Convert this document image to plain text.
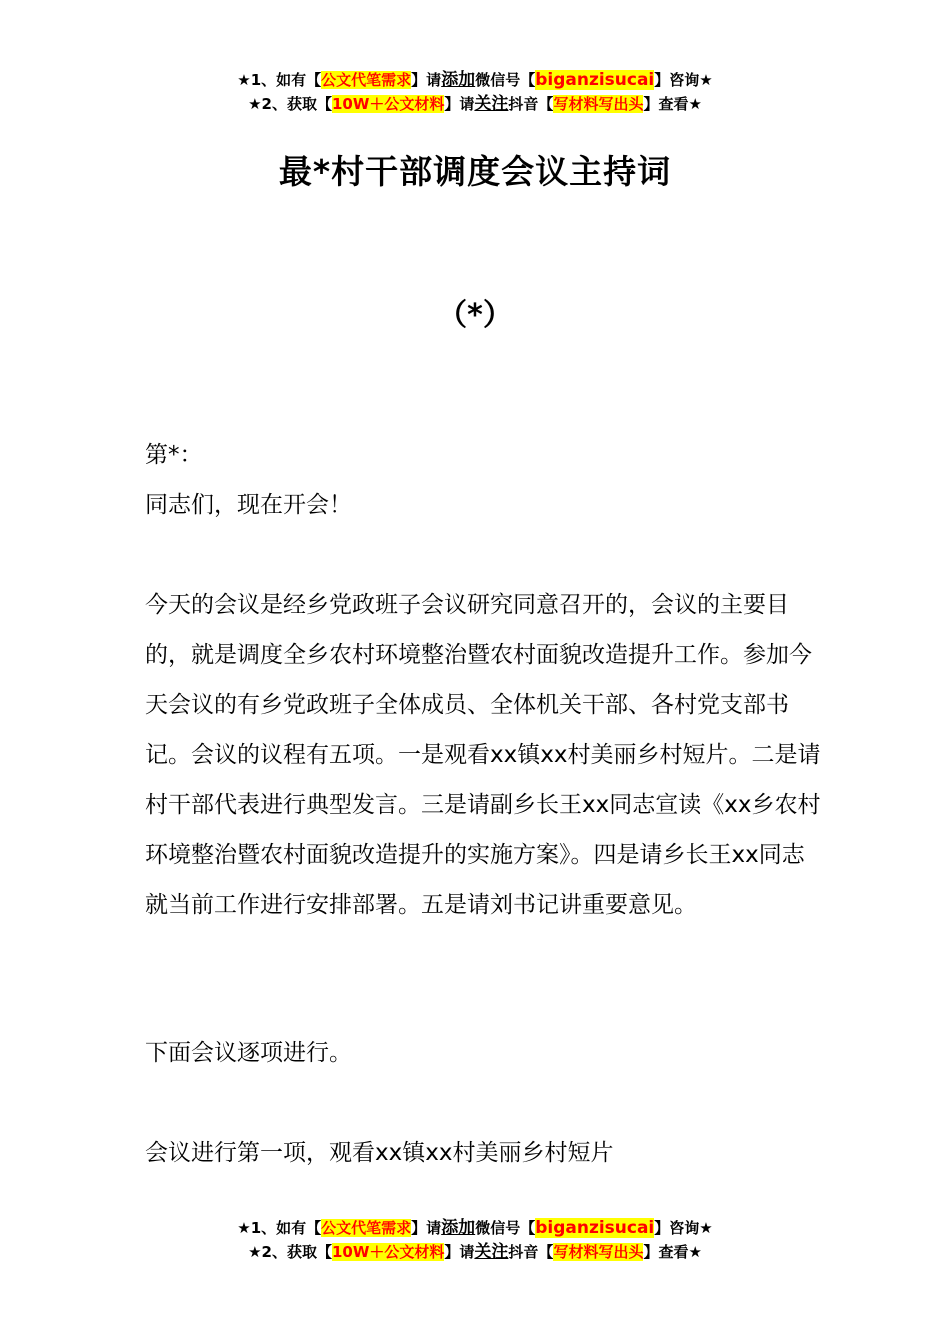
★1、如有【公文代笔需求】请添加微信号【biganzisucai】咨询★
★2、获取【10W＋公文材料】请关注抖音【写材料写出头】查看★
最*村干部调度会议主持词
（*）

第*：

同志们，现在开会！

今天的会议是经乡党政班子会议研究同意召开的，会议的主要目的，就是调度全乡农村环境整治暨农村面貌改造提升工作。参加今天会议的有乡党政班子全体成员、全体机关干部、各村党支部书记。会议的议程有五项。一是观看xx镇xx村美丽乡村短片。二是请村干部代表进行典型发言。三是请副乡长王xx同志宣读《xx乡农村环境整治暨农村面貌改造提升的实施方案》。四是请乡长王xx同志就当前工作进行安排部署。五是请刘书记讲重要意见。

下面会议逐项进行。

会议进行第一项，观看xx镇xx村美丽乡村短片

★1、如有【公文代笔需求】请添加微信号【biganzisucai】咨询★
★2、获取【10W＋公文材料】请关注抖音【写材料写出头】查看★
